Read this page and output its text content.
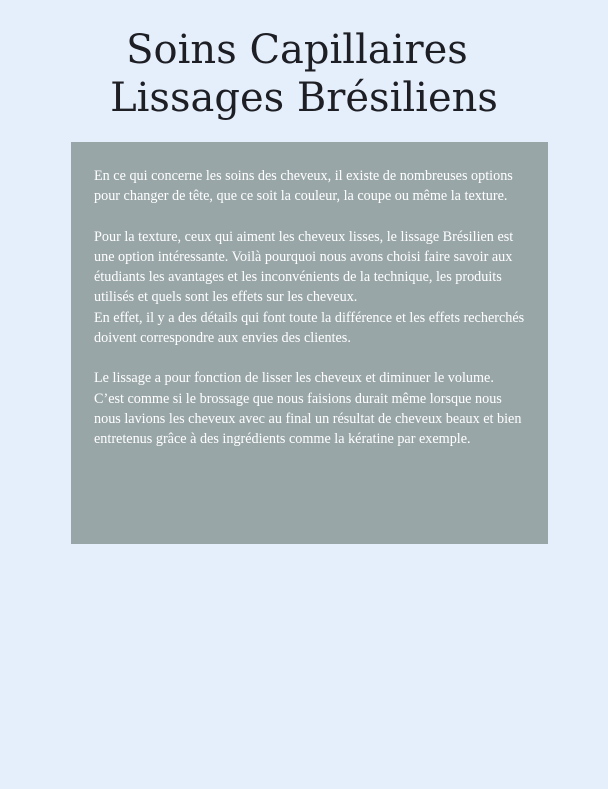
Soins Capillaires
Lissages Brésiliens

En ce qui concerne les soins des cheveux, il existe de nombreuses options pour changer de tête, que ce soit la couleur, la coupe ou même la texture.

Pour la texture, ceux qui aiment les cheveux lisses, le lissage Brésilien est une option intéressante. Voilà pourquoi nous avons choisi faire savoir aux étudiants les avantages et les inconvénients de la technique, les produits utilisés et quels sont les effets sur les cheveux.
En effet, il y a des détails qui font toute la différence et les effets recherchés doivent correspondre aux envies des clientes.

Le lissage a pour fonction de lisser les cheveux et diminuer le volume. C’est comme si le brossage que nous faisions durait même lorsque nous nous lavions les cheveux avec au final un résultat de cheveux beaux et bien entretenus grâce à des ingrédients comme la kératine par exemple.
